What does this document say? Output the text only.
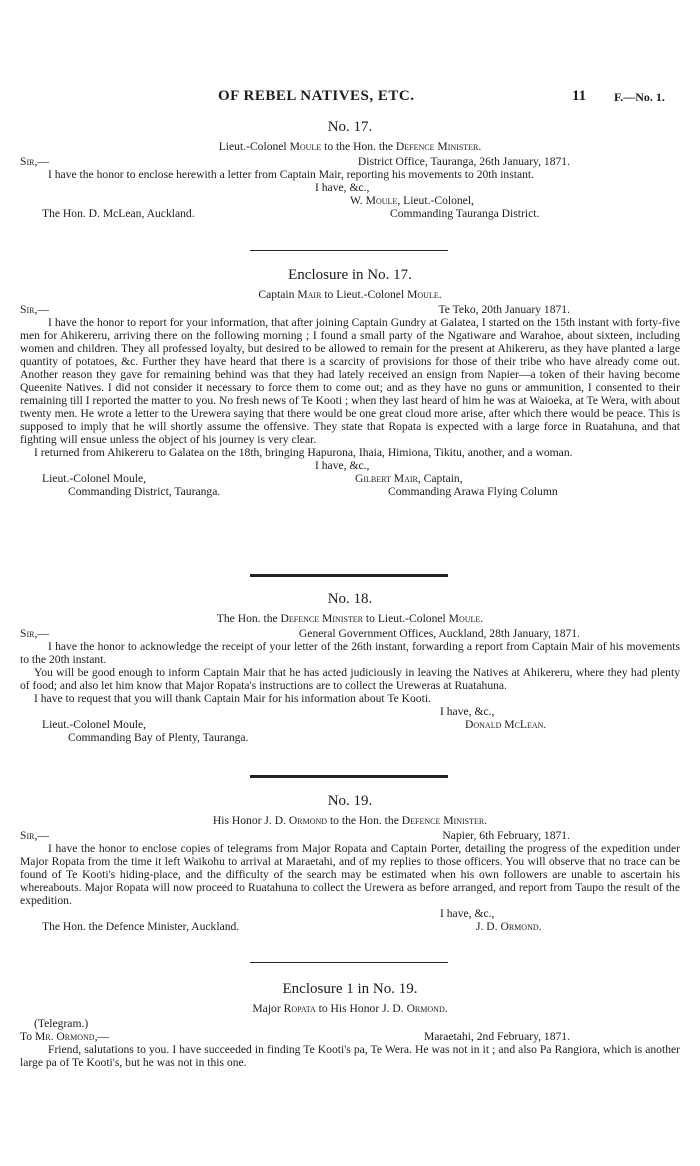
OF REBEL NATIVES, ETC.	11 F.—No. 1.
No. 17.
Lieut.-Colonel Moule to the Hon. the Defence Minister.
Sir,—	District Office, Tauranga, 26th January, 1871.

I have the honor to enclose herewith a letter from Captain Mair, reporting his movements to 20th instant.

I have, &c.,
W. Moule, Lieut.-Colonel,
The Hon. D. McLean, Auckland.	Commanding Tauranga District.
Enclosure in No. 17.
Captain Mair to Lieut.-Colonel Moule.
Sir,—	Te Teko, 20th January 1871.

I have the honor to report for your information, that after joining Captain Gundry at Galatea, I started on the 15th instant with forty-five men for Ahikereru, arriving there on the following morning ; I found a small party of the Ngatiware and Warahoe, about sixteen, including women and children. They all professed loyalty, but desired to be allowed to remain for the present at Ahikereru, as they have planted a large quantity of potatoes, &c. Further they have heard that there is a scarcity of provisions for those of their tribe who have already come out. Another reason they gave for remaining behind was that they had lately received an ensign from Napier—a token of their having become Queenite Natives. I did not consider it necessary to force them to come out; and as they have no guns or ammunition, I consented to their remaining till I reported the matter to you. No fresh news of Te Kooti ; when they last heard of him he was at Waioeka, at Te Wera, with about twenty men. He wrote a letter to the Urewera saying that there would be one great cloud more arise, after which there would be peace. This is supposed to imply that he will shortly assume the offensive. They state that Ropata is expected with a large force in Ruatahuna, and that fighting will ensue unless the object of his journey is very clear.

I returned from Ahikereru to Galatea on the 18th, bringing Hapurona, Ihaia, Himiona, Tikitu, another, and a woman.

I have, &c.,
Lieut.-Colonel Moule,	Gilbert Mair, Captain,
Commanding District, Tauranga.	Commanding Arawa Flying Column
No. 18.
The Hon. the Defence Minister to Lieut.-Colonel Moule.
Sir,—	General Government Offices, Auckland, 28th January, 1871.

I have the honor to acknowledge the receipt of your letter of the 26th instant, forwarding a report from Captain Mair of his movements to the 20th instant.

You will be good enough to inform Captain Mair that he has acted judiciously in leaving the Natives at Ahikereru, where they had plenty of food; and also let him know that Major Ropata's instructions are to collect the Ureweras at Ruatahuna.

I have to request that you will thank Captain Mair for his information about Te Kooti.

I have, &c.,
Lieut.-Colonel Moule,	Donald McLean.
Commanding Bay of Plenty, Tauranga.
No. 19.
His Honor J. D. Ormond to the Hon. the Defence Minister.
Sir,—	Napier, 6th February, 1871.

I have the honor to enclose copies of telegrams from Major Ropata and Captain Porter, detailing the progress of the expedition under Major Ropata from the time it left Waikohu to arrival at Maraetahi, and of my replies to those officers. You will observe that no trace can be found of Te Kooti's hiding-place, and the difficulty of the search may be estimated when his own followers are unable to ascertain his whereabouts. Major Ropata will now proceed to Ruatahuna to collect the Urewera as before arranged, and report from Taupo the result of the expedition.

I have, &c.,
The Hon. the Defence Minister, Auckland.	J. D. Ormond.
Enclosure 1 in No. 19.
Major Ropata to His Honor J. D. Ormond.
(Telegram.)
To Mr. Ormond,—	Maraetahi, 2nd February, 1871.

Friend, salutations to you. I have succeeded in finding Te Kooti's pa, Te Wera. He was not in it ; and also Pa Rangiora, which is another large pa of Te Kooti's, but he was not in this one.
